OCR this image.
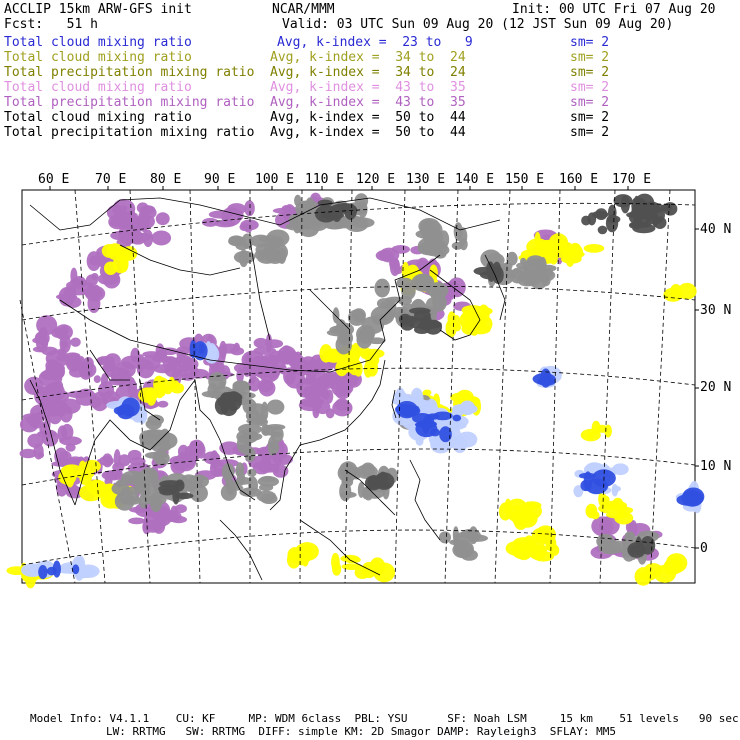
ACCLIP 15km ARW-GFS init	NCAR/MMM	Init: 00 UTC Fri 07 Aug 20
Fcst:   51 h	Valid: 03 UTC Sun 09 Aug 20 (12 JST Sun 09 Aug 20)
Total cloud mixing ratio	Avg, k-index =  23 to   9	sm= 2
Total cloud mixing ratio	Avg, k-index =  34 to  24	sm= 2
Total precipitation mixing ratio Avg, k-index =  34 to  24	sm= 2
Total cloud mixing ratio	Avg, k-index =  43 to  35	sm= 2
Total precipitation mixing ratio Avg, k-index =  43 to  35	sm= 2
Total cloud mixing ratio	Avg, k-index =  50 to  44	sm= 2
Total precipitation mixing ratio Avg, k-index =  50 to  44	sm= 2
60 E 70 E 80 E 90 E 100 E 110 E 120 E 130 E 140 E 150 E 160 E 170 E
40 N
30 N
20 N
10 N
0
Model Info: V4.1.1    CU: KF     MP: WDM 6class  PBL: YSU      SF: Noah LSM     15 km    51 levels   90 sec
LW: RRTMG   SW: RRTMG  DIFF: simple KM: 2D Smagor DAMP: Rayleigh3  SFLAY: MM5
